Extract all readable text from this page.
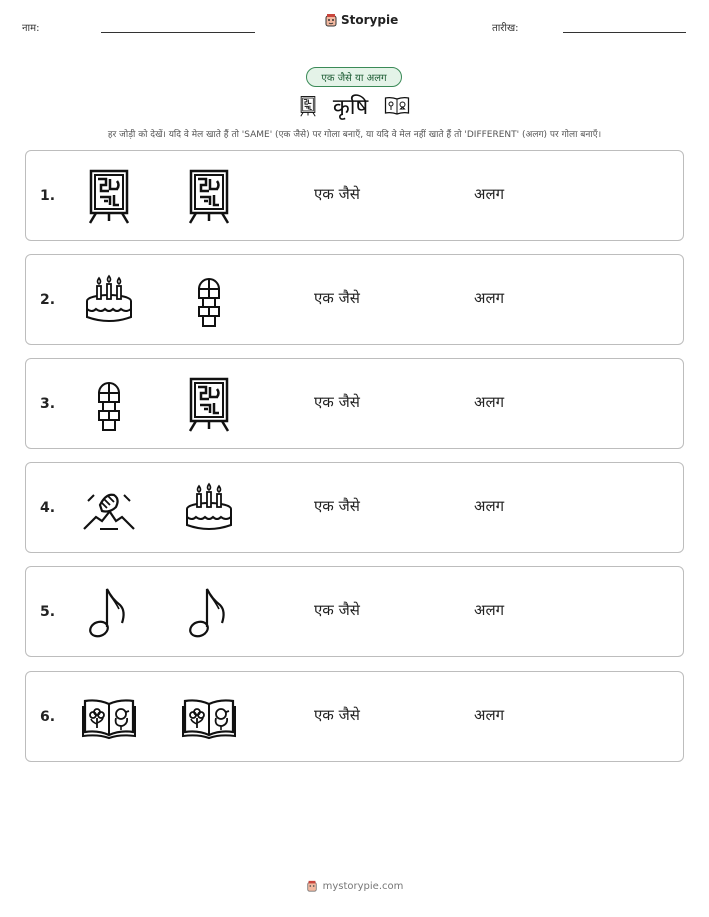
नाम:
Storypie
तारीख:
एक जैसे या अलग
कृषि
हर जोड़ी को देखें। यदि वे मेल खाते हैं तो 'SAME' (एक जैसे) पर गोला बनाएँ, या यदि वे मेल नहीं खाते हैं तो 'DIFFERENT' (अलग) पर गोला बनाएँ।
1.	एक जैसे	अलग
2.	एक जैसे	अलग
3.	एक जैसे	अलग
4.	एक जैसे	अलग
5.	एक जैसे	अलग
6.	एक जैसे	अलग
mystorypie.com
